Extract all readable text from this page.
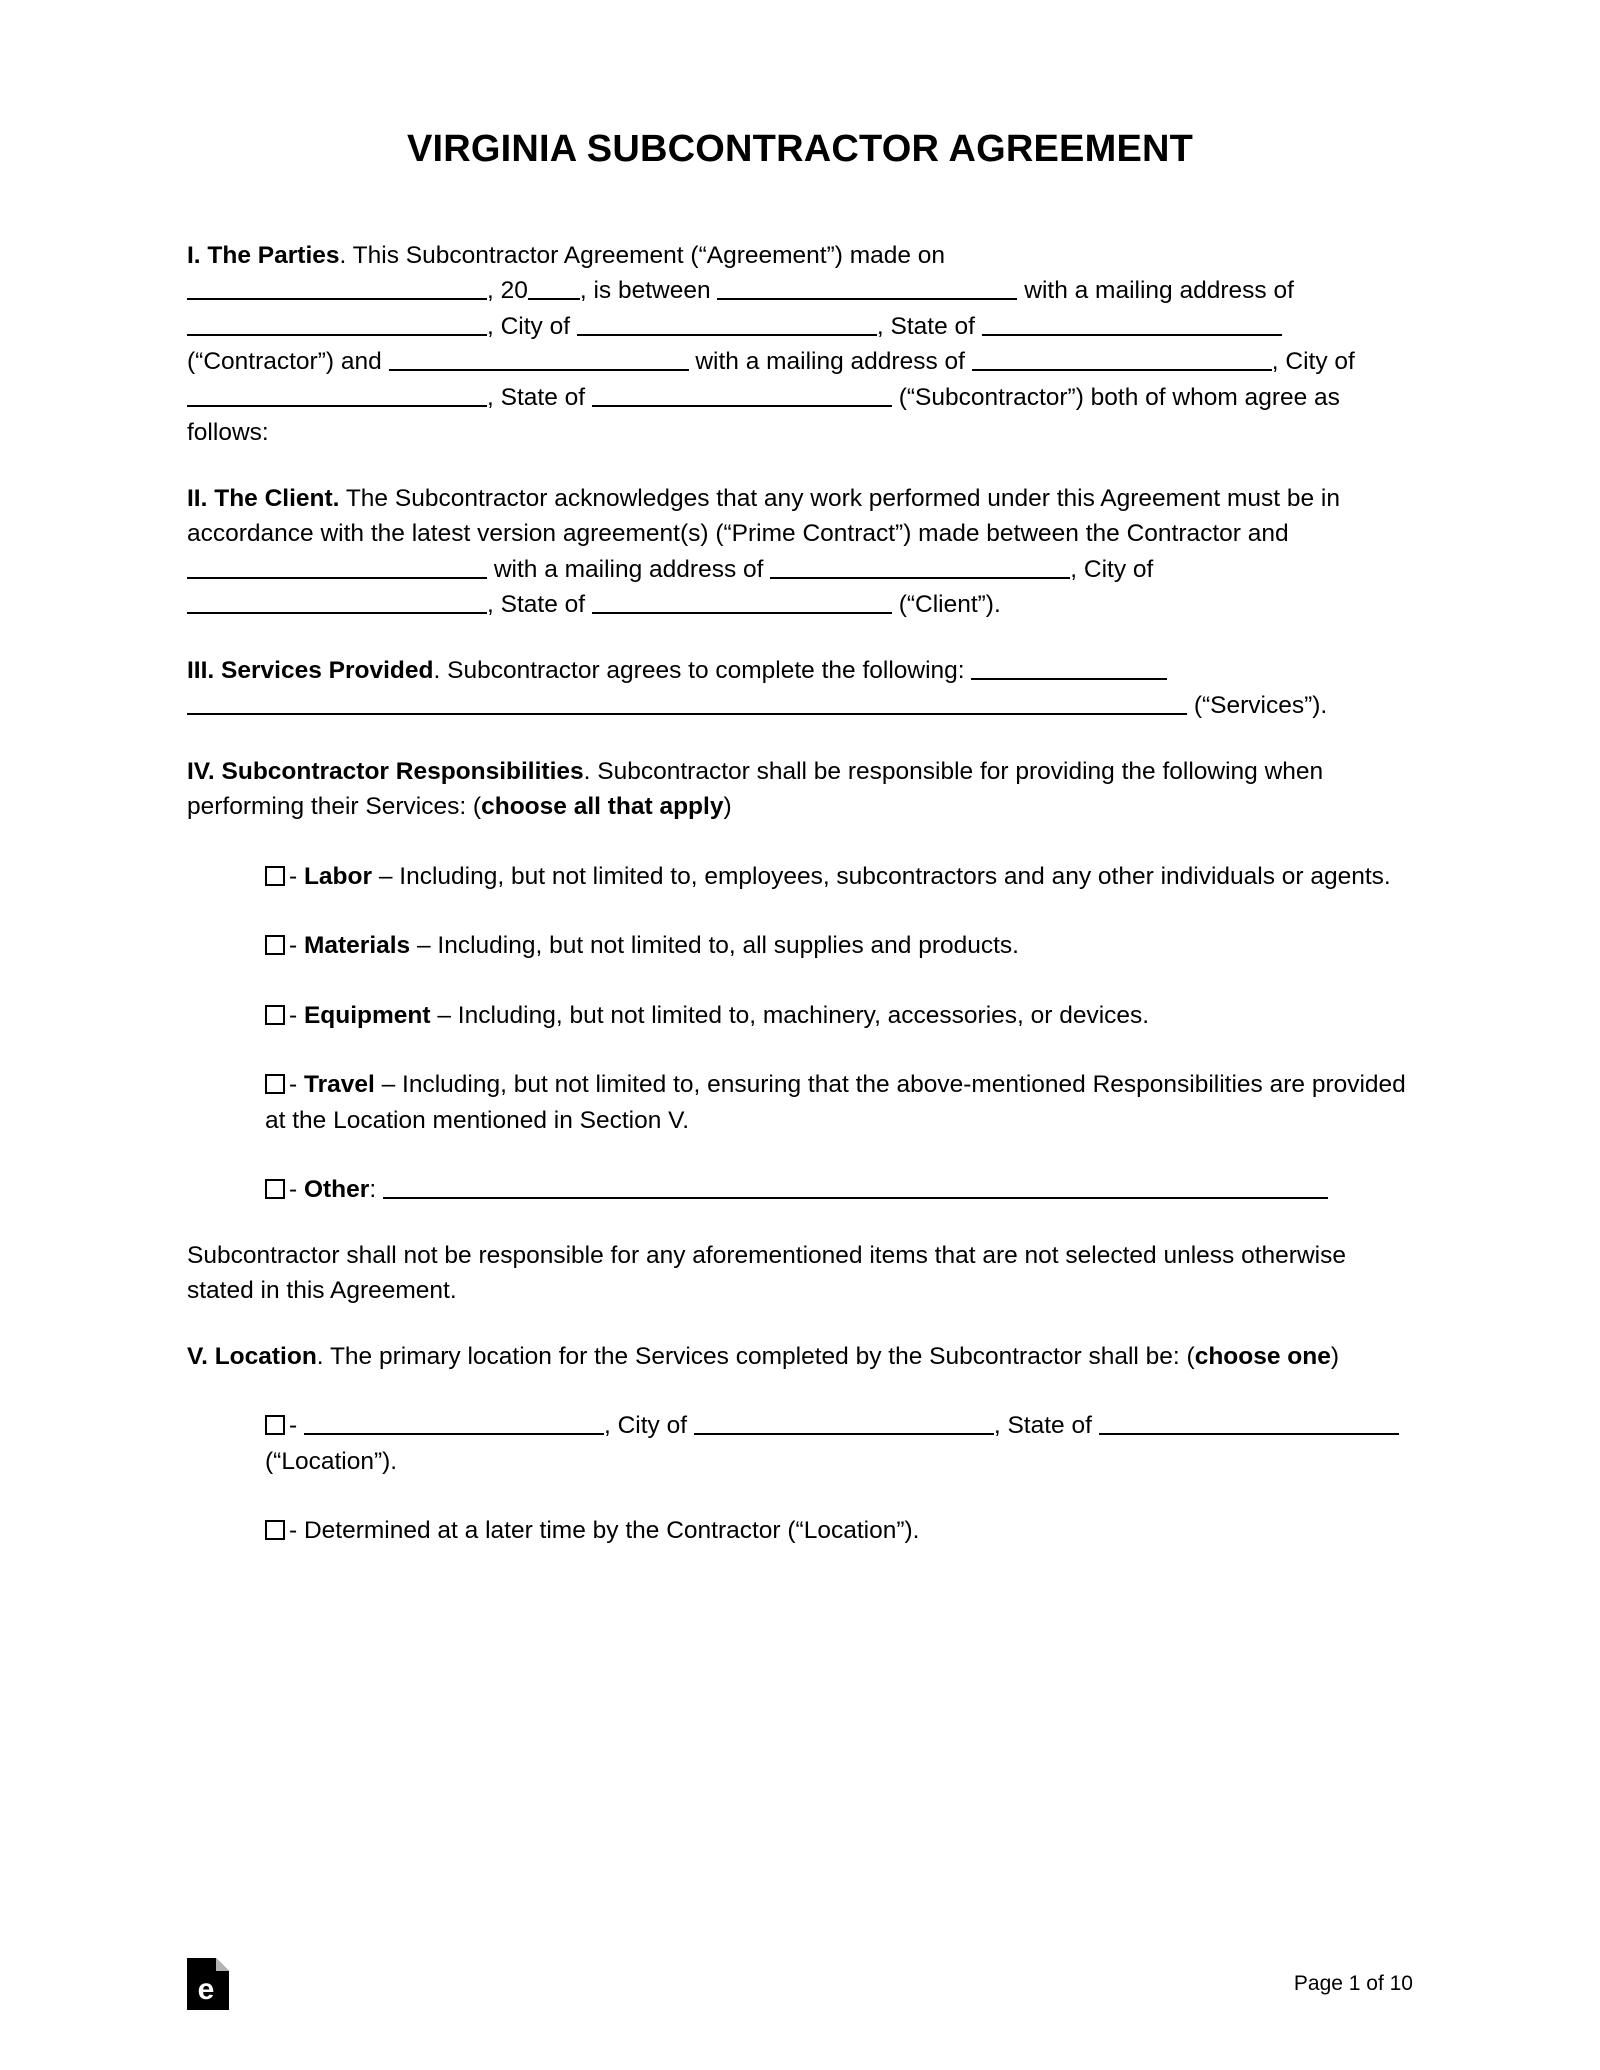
VIRGINIA SUBCONTRACTOR AGREEMENT
I. The Parties. This Subcontractor Agreement (“Agreement”) made on
, 20 , is between	with a mailing address of , City of	, State of  (“Contractor”) and	with a mailing address of	, City of , State of	(“Subcontractor”) both of whom agree as follows:
II. The Client. The Subcontractor acknowledges that any work performed under this Agreement must be in accordance with the latest version agreement(s) (“Prime Contract”) made between the Contractor and  with a mailing address of	, City of , State of	(“Client”).
III. Services Provided. Subcontractor agrees to complete the following:   (“Services”).
IV. Subcontractor Responsibilities. Subcontractor shall be responsible for providing the following when performing their Services: (choose all that apply)
- Labor – Including, but not limited to, employees, subcontractors and any other individuals or agents.
- Materials – Including, but not limited to, all supplies and products.
- Equipment – Including, but not limited to, machinery, accessories, or devices.
- Travel – Including, but not limited to, ensuring that the above-mentioned Responsibilities are provided at the Location mentioned in Section V.
- Other:
Subcontractor shall not be responsible for any aforementioned items that are not selected unless otherwise stated in this Agreement.
V. Location. The primary location for the Services completed by the Subcontractor shall be: (choose one)
-	, City of	, State of  (“Location”).
- Determined at a later time by the Contractor (“Location”).
e	Page 1 of 10
